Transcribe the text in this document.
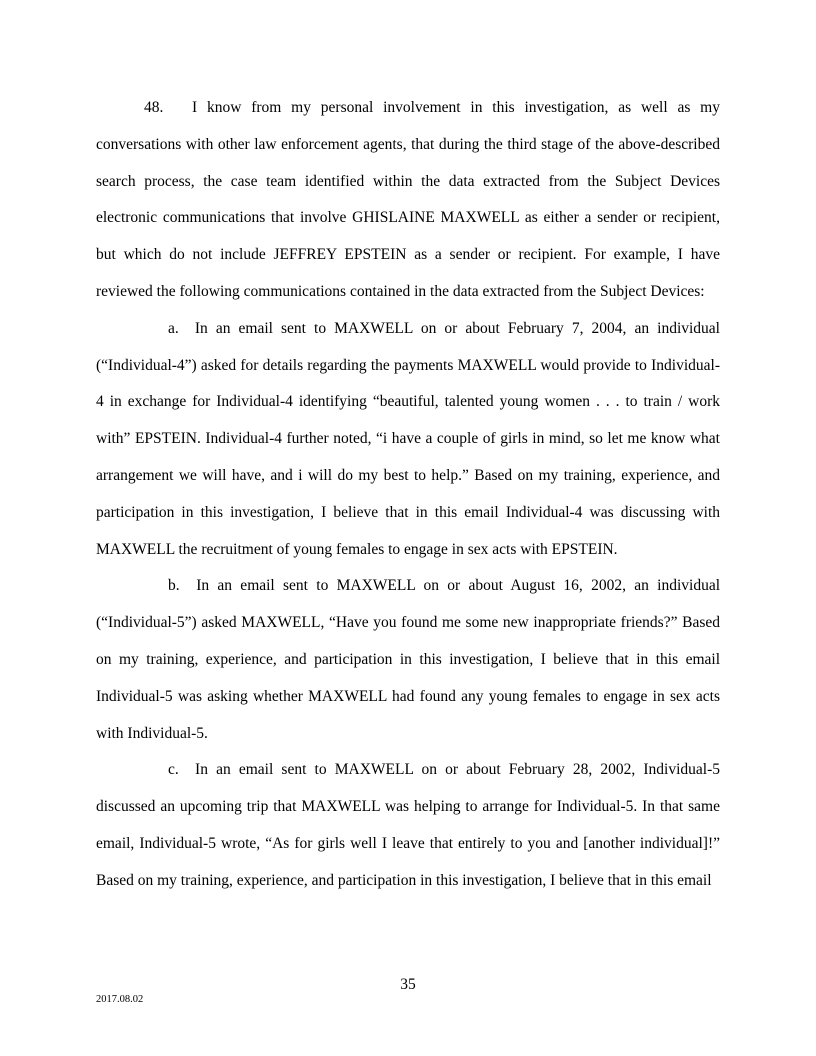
48. I know from my personal involvement in this investigation, as well as my conversations with other law enforcement agents, that during the third stage of the above-described search process, the case team identified within the data extracted from the Subject Devices electronic communications that involve GHISLAINE MAXWELL as either a sender or recipient, but which do not include JEFFREY EPSTEIN as a sender or recipient. For example, I have reviewed the following communications contained in the data extracted from the Subject Devices:

a. In an email sent to MAXWELL on or about February 7, 2004, an individual (“Individual-4”) asked for details regarding the payments MAXWELL would provide to Individual-4 in exchange for Individual-4 identifying “beautiful, talented young women . . . to train / work with” EPSTEIN. Individual-4 further noted, “i have a couple of girls in mind, so let me know what arrangement we will have, and i will do my best to help.” Based on my training, experience, and participation in this investigation, I believe that in this email Individual-4 was discussing with MAXWELL the recruitment of young females to engage in sex acts with EPSTEIN.

b. In an email sent to MAXWELL on or about August 16, 2002, an individual (“Individual-5”) asked MAXWELL, “Have you found me some new inappropriate friends?” Based on my training, experience, and participation in this investigation, I believe that in this email Individual-5 was asking whether MAXWELL had found any young females to engage in sex acts with Individual-5.

c. In an email sent to MAXWELL on or about February 28, 2002, Individual-5 discussed an upcoming trip that MAXWELL was helping to arrange for Individual-5. In that same email, Individual-5 wrote, “As for girls well I leave that entirely to you and [another individual]!” Based on my training, experience, and participation in this investigation, I believe that in this email

35
2017.08.02
